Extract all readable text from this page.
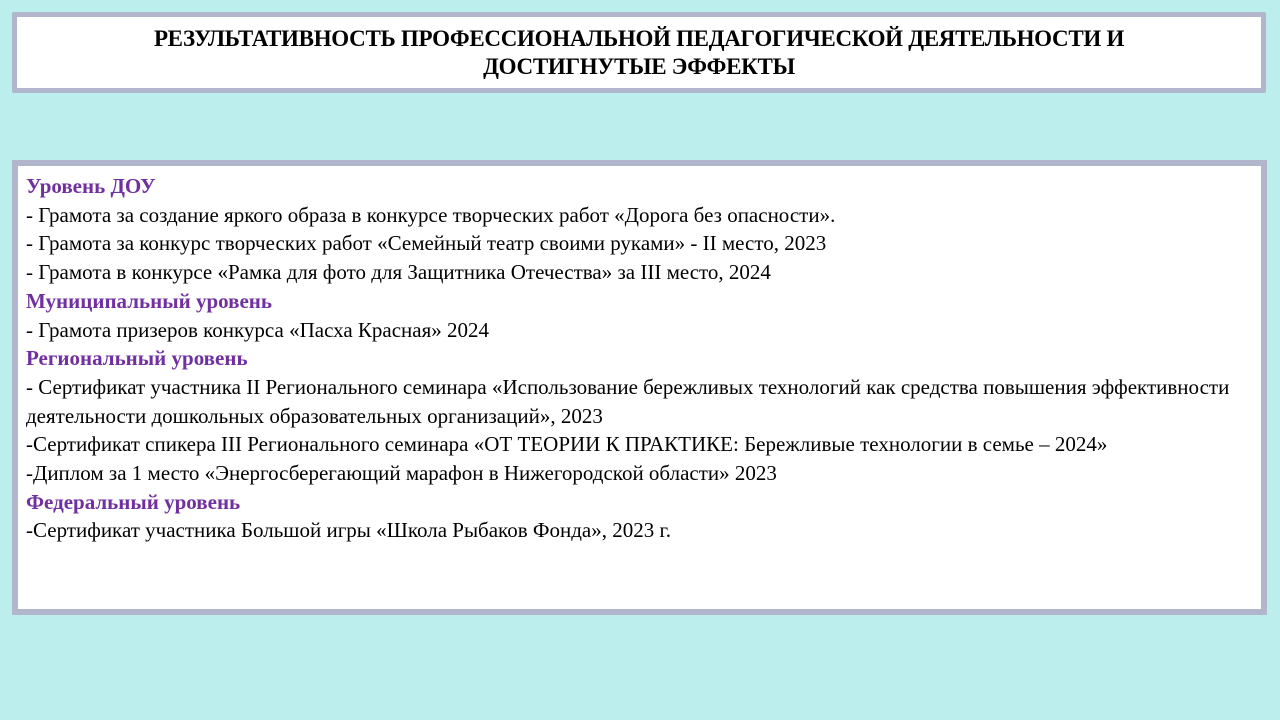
РЕЗУЛЬТАТИВНОСТЬ ПРОФЕССИОНАЛЬНОЙ ПЕДАГОГИЧЕСКОЙ ДЕЯТЕЛЬНОСТИ И
ДОСТИГНУТЫЕ ЭФФЕКТЫ
Уровень ДОУ
- Грамота за создание яркого образа в конкурсе творческих работ «Дорога без опасности».
- Грамота за конкурс творческих работ «Семейный театр своими руками» - II место, 2023
- Грамота в конкурсе «Рамка для фото для Защитника Отечества» за III место, 2024
Муниципальный уровень
- Грамота призеров конкурса «Пасха Красная» 2024
Региональный уровень
- Сертификат участника II Регионального семинара «Использование бережливых технологий как средства повышения эффективности деятельности дошкольных образовательных организаций», 2023
-Сертификат спикера III Регионального семинара «ОТ ТЕОРИИ К ПРАКТИКЕ: Бережливые технологии в семье – 2024»
-Диплом за 1 место «Энергосберегающий марафон в Нижегородской области» 2023
Федеральный уровень
-Сертификат участника Большой игры «Школа Рыбаков Фонда», 2023 г.
